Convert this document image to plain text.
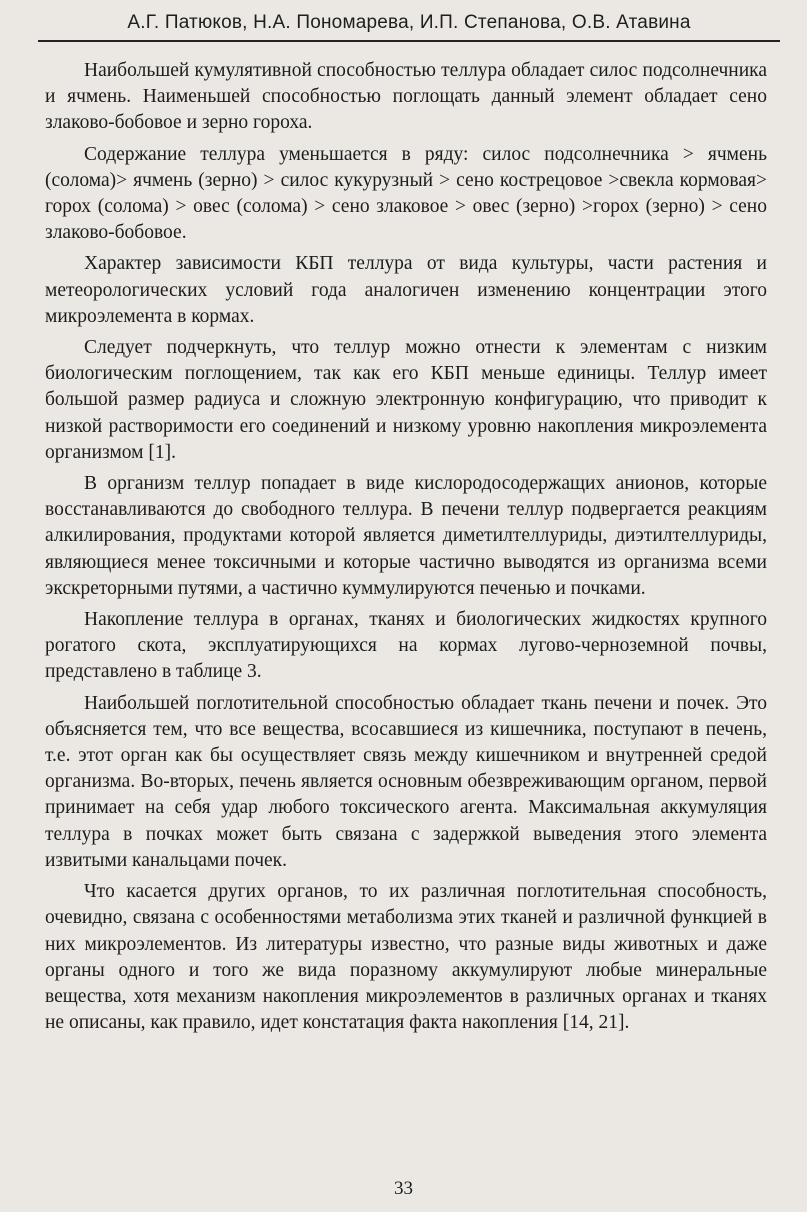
А.Г. Патюков, Н.А. Пономарева, И.П. Степанова, О.В. Атавина

Наибольшей кумулятивной способностью теллура обладает силос подсолнечника и ячмень. Наименьшей способностью поглощать данный элемент обладает сено злаково-бобовое и зерно гороха.

Содержание теллура уменьшается в ряду: силос подсолнечника > ячмень (солома)> ячмень (зерно) > силос кукурузный > сено кострецовое >свекла кормовая> горох (солома) > овес (солома) > сено злаковое > овес (зерно) >горох (зерно) > сено злаково-бобовое.

Характер зависимости КБП теллура от вида культуры, части растения и метеорологических условий года аналогичен изменению концентрации этого микроэлемента в кормах.

Следует подчеркнуть, что теллур можно отнести к элементам с низким биологическим поглощением, так как его КБП меньше единицы. Теллур имеет большой размер радиуса и сложную электронную конфигурацию, что приводит к низкой растворимости его соединений и низкому уровню накопления микроэлемента организмом [1].

В организм теллур попадает в виде кислородосодержащих анионов, которые восстанавливаются до свободного теллура. В печени теллур подвергается реакциям алкилирования, продуктами которой является диметилтеллуриды, диэтилтеллуриды, являющиеся менее токсичными и которые частично выводятся из организма всеми экскреторными путями, а частично куммулируются печенью и почками.

Накопление теллура в органах, тканях и биологических жидкостях крупного рогатого скота, эксплуатирующихся на кормах лугово-черноземной почвы, представлено в таблице 3.

Наибольшей поглотительной способностью обладает ткань печени и почек. Это объясняется тем, что все вещества, всосавшиеся из кишечника, поступают в печень, т.е. этот орган как бы осуществляет связь между кишечником и внутренней средой организма. Во-вторых, печень является основным обезвреживающим органом, первой принимает на себя удар любого токсического агента. Максимальная аккумуляция теллура в почках может быть связана с задержкой выведения этого элемента извитыми канальцами почек.

Что касается других органов, то их различная поглотительная способность, очевидно, связана с особенностями метаболизма этих тканей и различной функцией в них микроэлементов. Из литературы известно, что разные виды животных и даже органы одного и того же вида поразному аккумулируют любые минеральные вещества, хотя механизм накопления микроэлементов в различных органах и тканях не описаны, как правило, идет констатация факта накопления [14, 21].

33
